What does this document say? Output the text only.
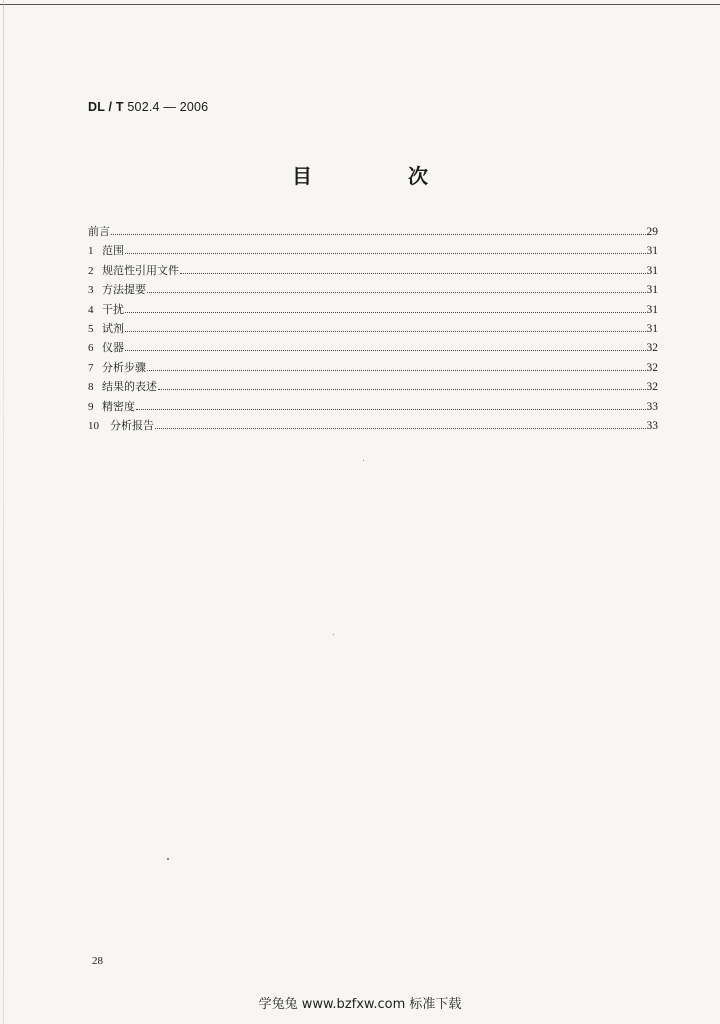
DL / T 502.4 — 2006
目　次
前言	29
1 范围	31
2 规范性引用文件	31
3 方法提要	31
4 干扰	31
5 试剂	31
6 仪器	32
7 分析步骤	32
8 结果的表述	32
9 精密度	33
10	分析报告	33
28
学兔兔 www.bzfxw.com 标准下载
